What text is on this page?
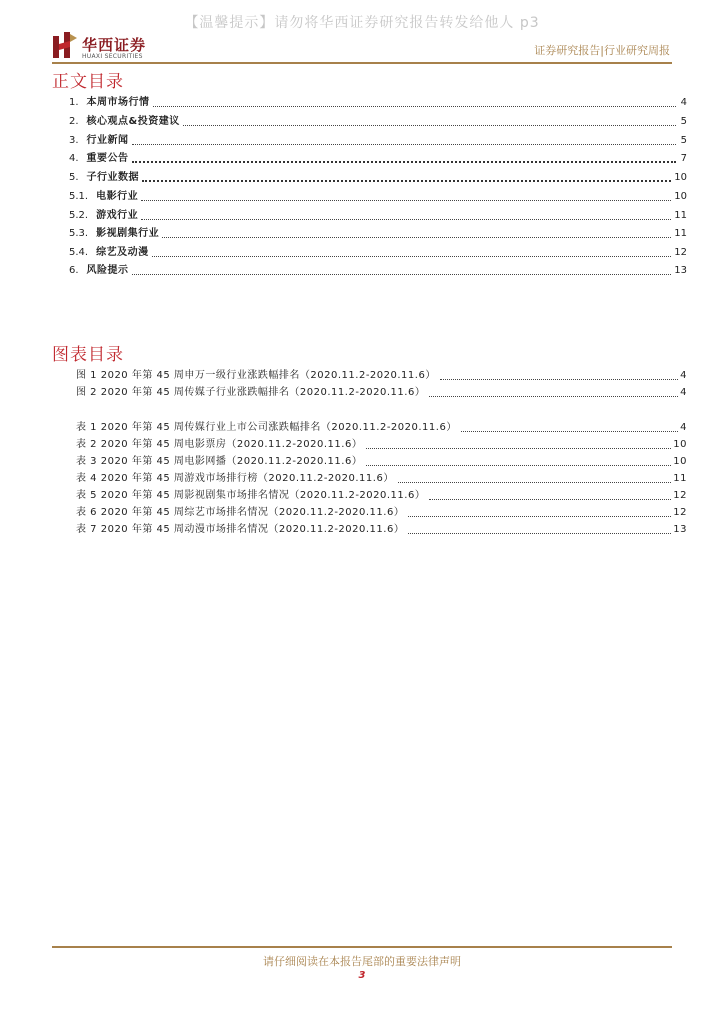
【温馨提示】请勿将华西证券研究报告转发给他人 p3
华西证券
HUAXI SECURITIES	证券研究报告|行业研究周报
正文目录
1. 本周市场行情	4
2. 核心观点&投资建议	5
3. 行业新闻	5
4. 重要公告	7
5. 子行业数据	10
5.1. 电影行业	10
5.2. 游戏行业	11
5.3. 影视剧集行业	11
5.4. 综艺及动漫	12
6. 风险提示	13
图表目录
图 1 2020 年第 45 周申万一级行业涨跌幅排名（2020.11.2-2020.11.6）	4
图 2 2020 年第 45 周传媒子行业涨跌幅排名（2020.11.2-2020.11.6）	4
表 1 2020 年第 45 周传媒行业上市公司涨跌幅排名（2020.11.2-2020.11.6）	4
表 2 2020 年第 45 周电影票房（2020.11.2-2020.11.6）	10
表 3 2020 年第 45 周电影网播（2020.11.2-2020.11.6）	10
表 4 2020 年第 45 周游戏市场排行榜（2020.11.2-2020.11.6）	11
表 5 2020 年第 45 周影视剧集市场排名情况（2020.11.2-2020.11.6）	12
表 6 2020 年第 45 周综艺市场排名情况（2020.11.2-2020.11.6）	12
表 7 2020 年第 45 周动漫市场排名情况（2020.11.2-2020.11.6）	13
请仔细阅读在本报告尾部的重要法律声明
3
